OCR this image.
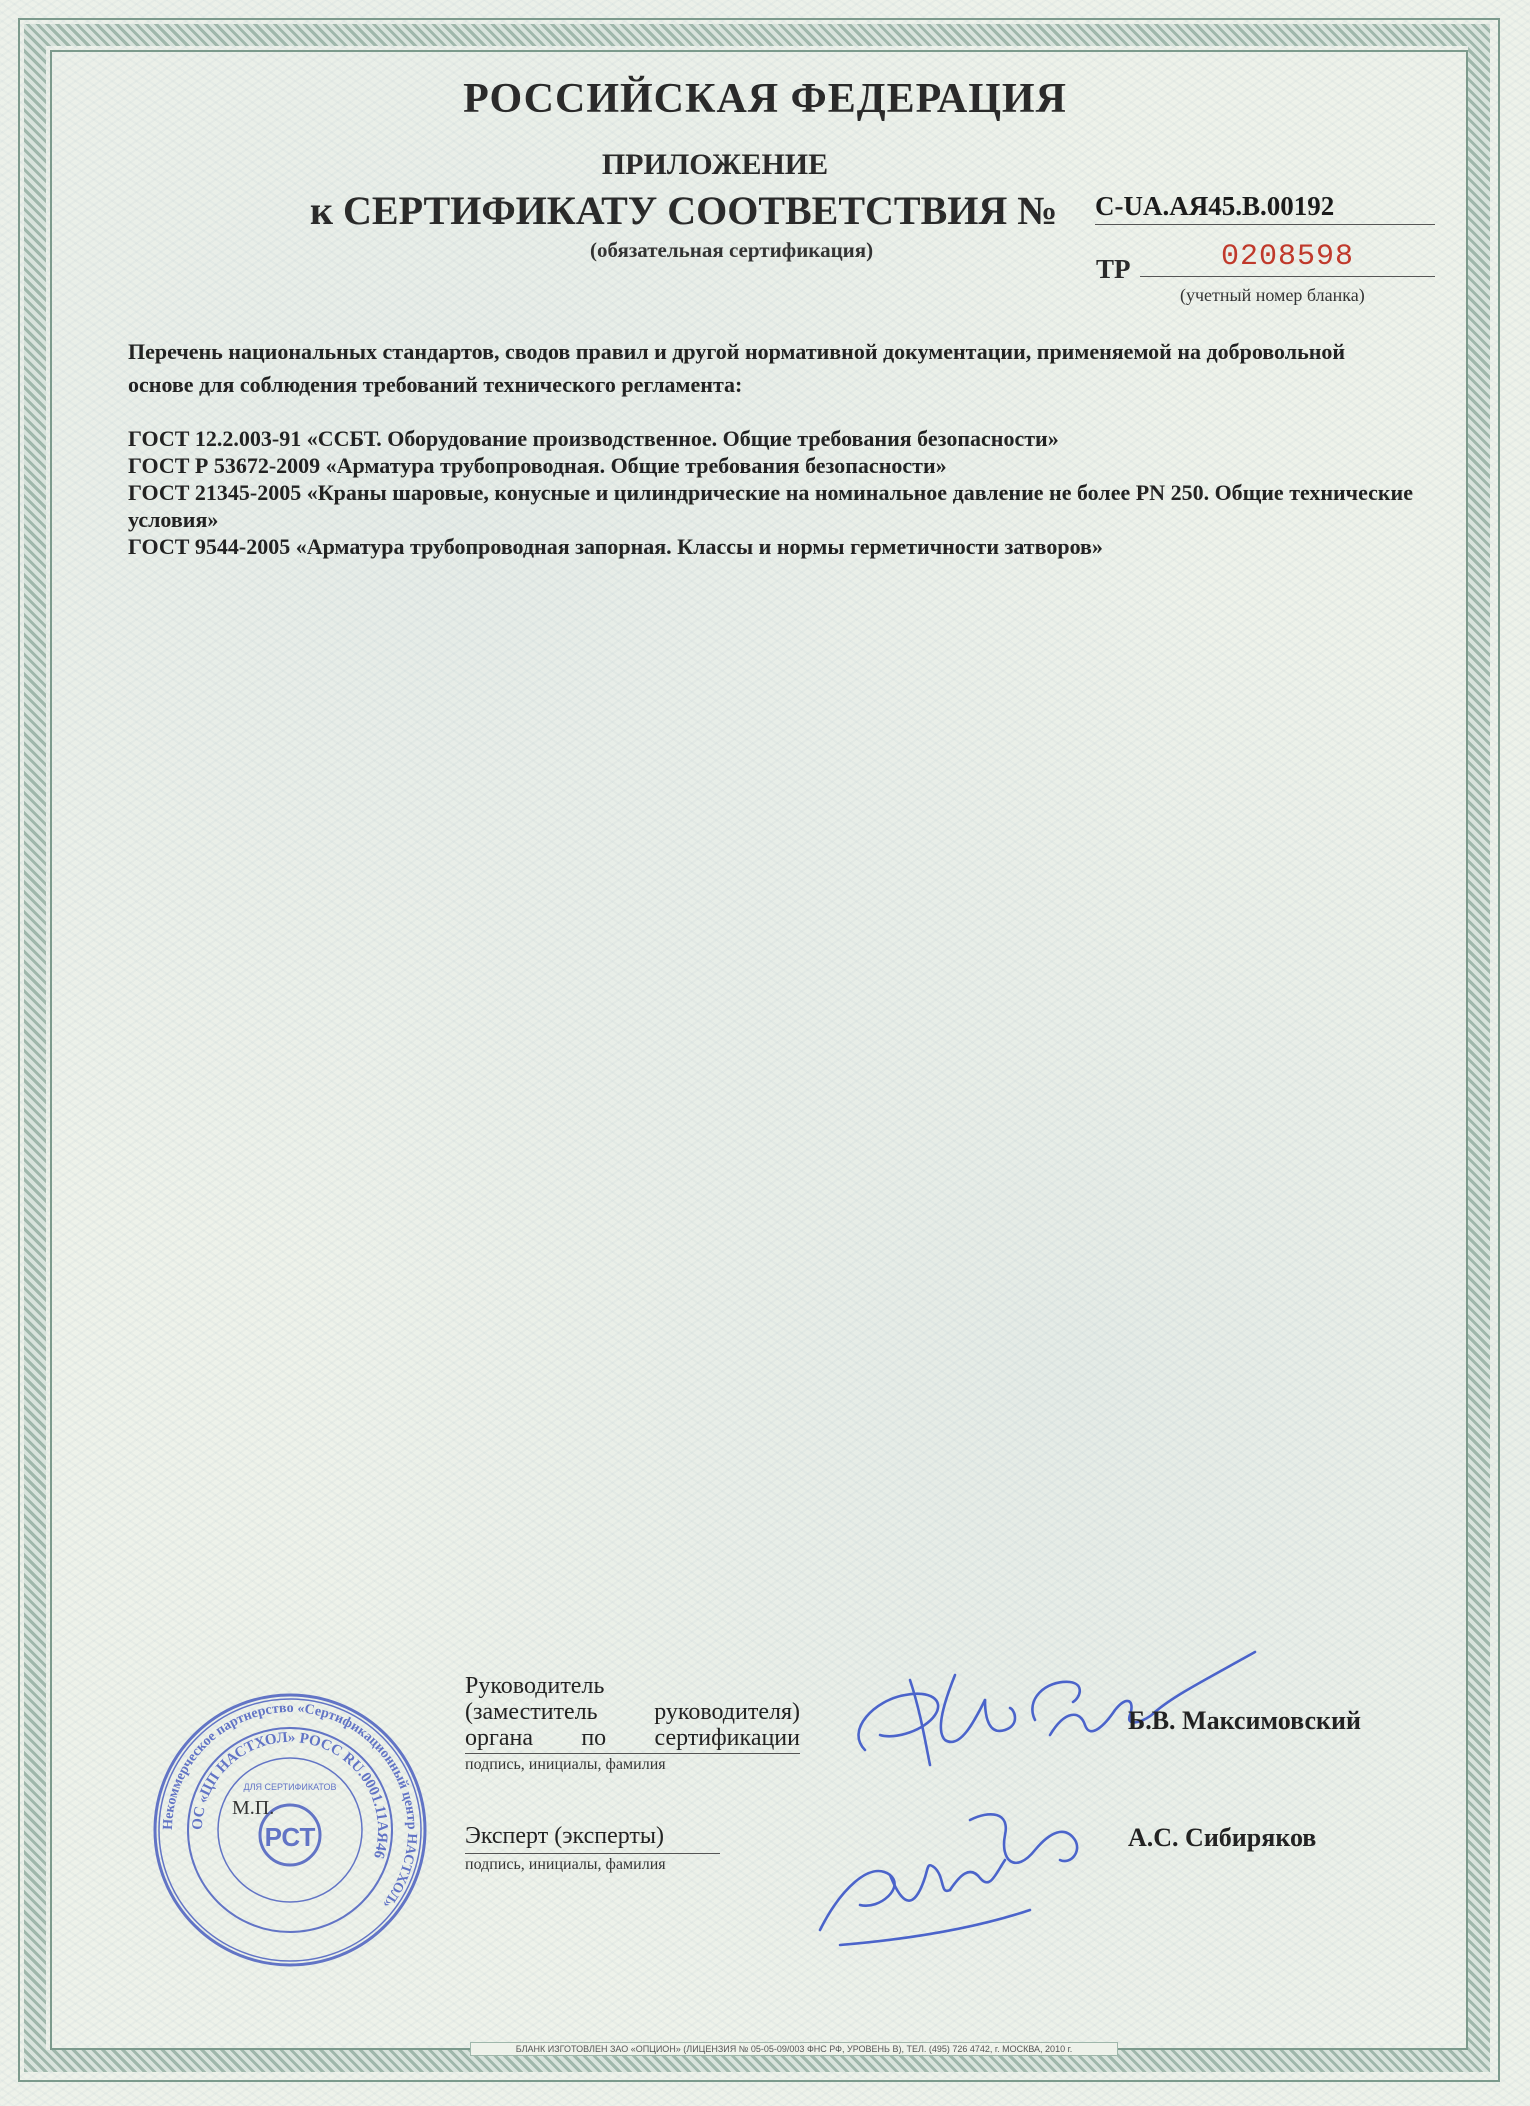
РОССИЙСКАЯ ФЕДЕРАЦИЯ
ПРИЛОЖЕНИЕ
к СЕРТИФИКАТУ СООТВЕТСТВИЯ № C-UA.АЯ45.В.00192
(обязательная сертификация)
ТР	0208598
(учетный номер бланка)
Перечень национальных стандартов, сводов правил и другой нормативной документации, применяемой на добровольной основе для соблюдения требований технического регламента:
ГОСТ 12.2.003-91 «ССБТ. Оборудование производственное. Общие требования безопасности»
ГОСТ Р 53672-2009 «Арматура трубопроводная. Общие требования безопасности»
ГОСТ 21345-2005 «Краны шаровые, конусные и цилиндрические на номинальное давление не более PN 250. Общие технические условия»
ГОСТ 9544-2005 «Арматура трубопроводная запорная. Классы и нормы герметичности затворов»
Некоммерческое партнерство «Сертификационный центр НАСТХОЛ»
ОС «ЦП НАСТХОЛ» РОСС RU.0001.11АЯ46
ДЛЯ СЕРТИФИКАТОВ
РСТ
М.П.
Руководитель
(заместитель руководителя)
органа по сертификации
подпись, инициалы, фамилия
Б.В. Максимовский
Эксперт (эксперты)
подпись, инициалы, фамилия
А.С. Сибиряков
БЛАНК ИЗГОТОВЛЕН ЗАО «ОПЦИОН» (ЛИЦЕНЗИЯ № 05-05-09/003 ФНС РФ, УРОВЕНЬ В), ТЕЛ. (495) 726 4742, г. МОСКВА, 2010 г.
